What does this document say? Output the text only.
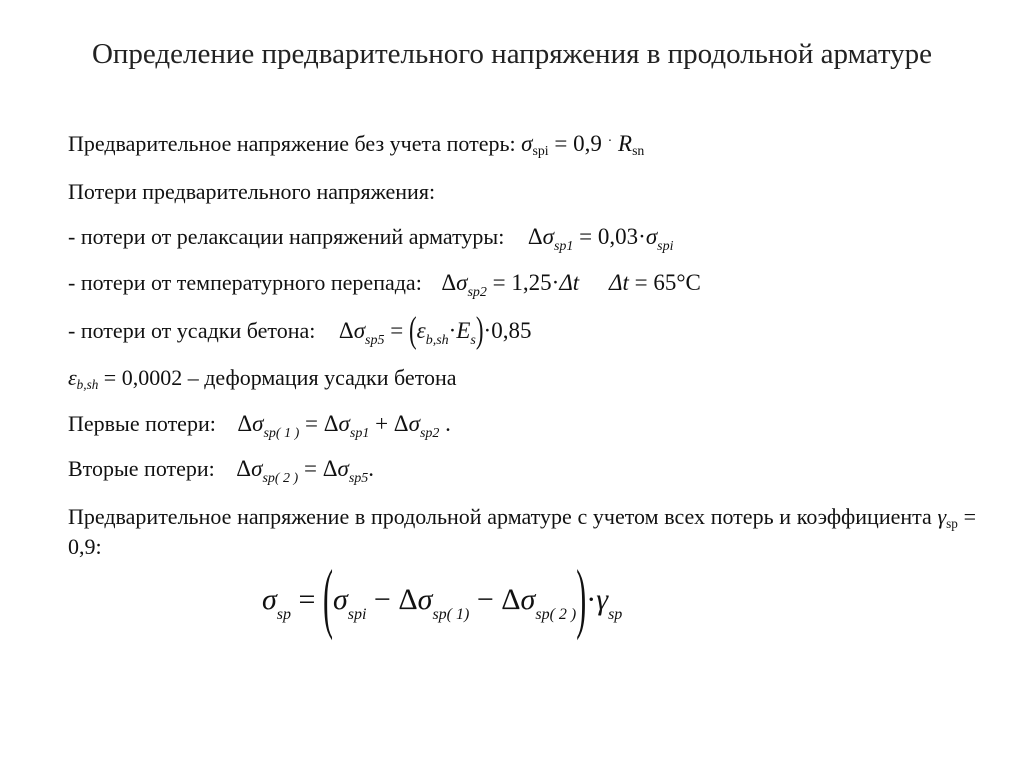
Определение предварительного напряжения в продольной арматуре
Предварительное напряжение без учета потерь: $\sigma_{spi} = 0,9$ · $R_{sn}$
Потери предварительного напряжения:
- потери от релаксации напряжений арматуры: $\Delta\sigma_{sp1} = 0,03\cdot\sigma_{spi}$
- потери от температурного перепада: $\Delta\sigma_{sp2} = 1,25\cdot\Delta t$ Δt = 65°C
- потери от усадки бетона: $\Delta\sigma_{sp5} = (\varepsilon_{b,sh}\cdot E_s)\cdot 0,85$
$\varepsilon_{b,sh} = 0,0002$ – деформация усадки бетона
Первые потери: $\Delta\sigma_{sp( 1 )} = \Delta\sigma_{sp1} + \Delta\sigma_{sp2}$ .
Вторые потери: $\Delta\sigma_{sp( 2 )} = \Delta\sigma_{sp5}$.
Предварительное напряжение в продольной арматуре с учетом всех потерь и коэффициента $\gamma_{sp} = 0,9$:
$\sigma_{sp} = (\sigma_{spi} - \Delta\sigma_{sp( 1)} - \Delta\sigma_{sp( 2 )})\cdot\gamma_{sp}$
